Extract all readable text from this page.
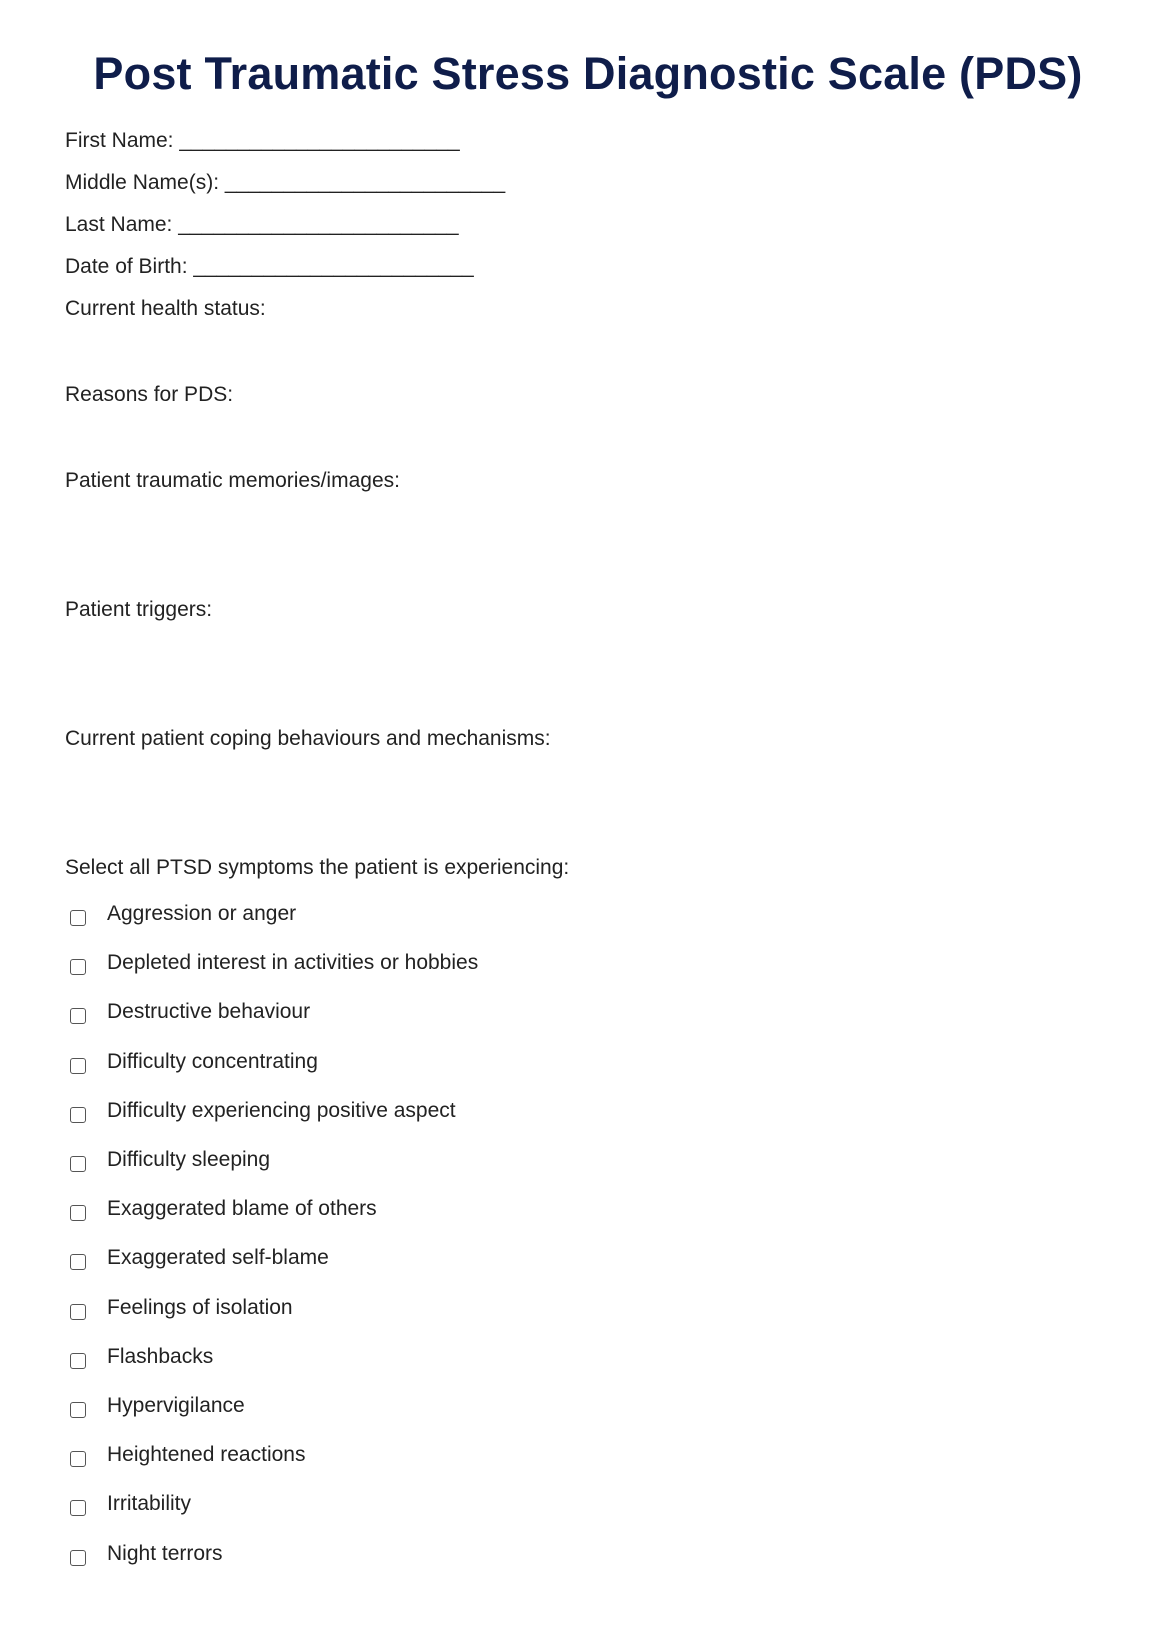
Post Traumatic Stress Diagnostic Scale (PDS)
First Name: ________________________
Middle Name(s): ________________________
Last Name: ________________________
Date of Birth: ________________________
Current health status:
Reasons for PDS:
Patient traumatic memories/images:
Patient triggers:
Current patient coping behaviours and mechanisms:
Select all PTSD symptoms the patient is experiencing:
Aggression or anger
Depleted interest in activities or hobbies
Destructive behaviour
Difficulty concentrating
Difficulty experiencing positive aspect
Difficulty sleeping
Exaggerated blame of others
Exaggerated self-blame
Feelings of isolation
Flashbacks
Hypervigilance
Heightened reactions
Irritability
Night terrors
